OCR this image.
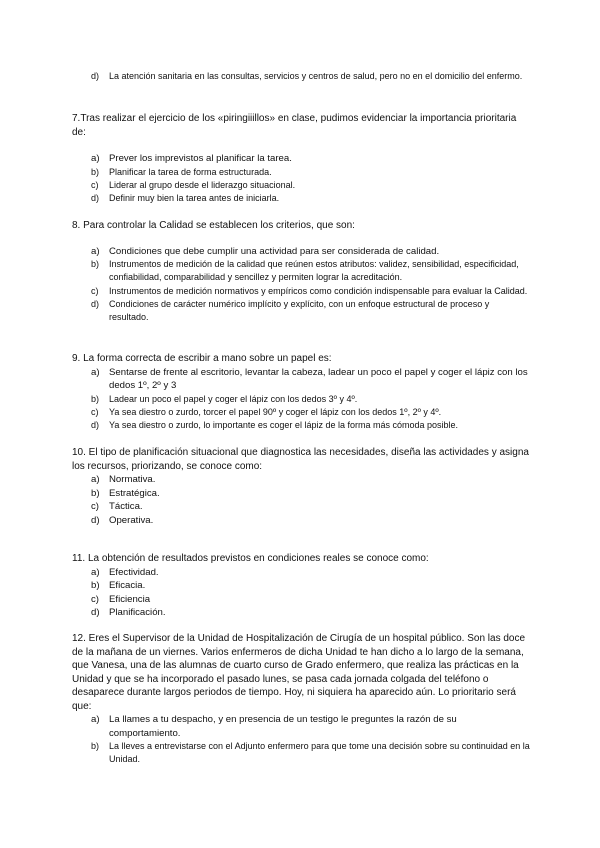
d) La atención sanitaria en las consultas, servicios y centros de salud, pero no en el domicilio del enfermo.

7.Tras realizar el ejercicio de los «piringiiillos» en clase, pudimos evidenciar la importancia prioritaria de:

a) Prever los imprevistos al planificar la tarea.
b) Planificar la tarea de forma estructurada.
c) Liderar al grupo desde el liderazgo situacional.
d) Definir muy bien la tarea antes de iniciarla.

8. Para controlar la Calidad se establecen los criterios, que son:

a) Condiciones que debe cumplir una actividad para ser considerada de calidad.
b) Instrumentos de medición de la calidad que reúnen estos atributos: validez, sensibilidad, especificidad, confiabilidad, comparabilidad y sencillez y permiten lograr la acreditación.
c) Instrumentos de medición normativos y empíricos como condición indispensable para evaluar la Calidad.
d) Condiciones de carácter numérico implícito y explícito, con un enfoque estructural de proceso y resultado.

9. La forma correcta de escribir a mano sobre un papel es:

a) Sentarse de frente al escritorio, levantar la cabeza, ladear un poco el papel y coger el lápiz con los dedos 1º, 2º y 3
b) Ladear un poco el papel y coger el lápiz con los dedos 3º y 4º.
c) Ya sea diestro o zurdo, torcer el papel 90º y coger el lápiz con los dedos 1º, 2º y 4º.
d) Ya sea diestro o zurdo, lo importante es coger el lápiz de la forma más cómoda posible.

10. El tipo de planificación situacional que diagnostica las necesidades, diseña las actividades y asigna los recursos, priorizando, se conoce como:

a) Normativa.
b) Estratégica.
c) Táctica.
d) Operativa.

11. La obtención de resultados previstos en condiciones reales se conoce como:

a) Efectividad.
b) Eficacia.
c) Eficiencia
d) Planificación.

12. Eres el Supervisor de la Unidad de Hospitalización de Cirugía de un hospital público. Son las doce de la mañana de un viernes. Varios enfermeros de dicha Unidad te han dicho a lo largo de la semana, que Vanesa, una de las alumnas de cuarto curso de Grado enfermero, que realiza las prácticas en la Unidad y que se ha incorporado el pasado lunes, se pasa cada jornada colgada del teléfono o desaparece durante largos periodos de tiempo. Hoy, ni siquiera ha aparecido aún. Lo prioritario será que:

a) La llames a tu despacho, y en presencia de un testigo le preguntes la razón de su comportamiento.
b) La lleves a entrevistarse con el Adjunto enfermero para que tome una decisión sobre su continuidad en la Unidad.
